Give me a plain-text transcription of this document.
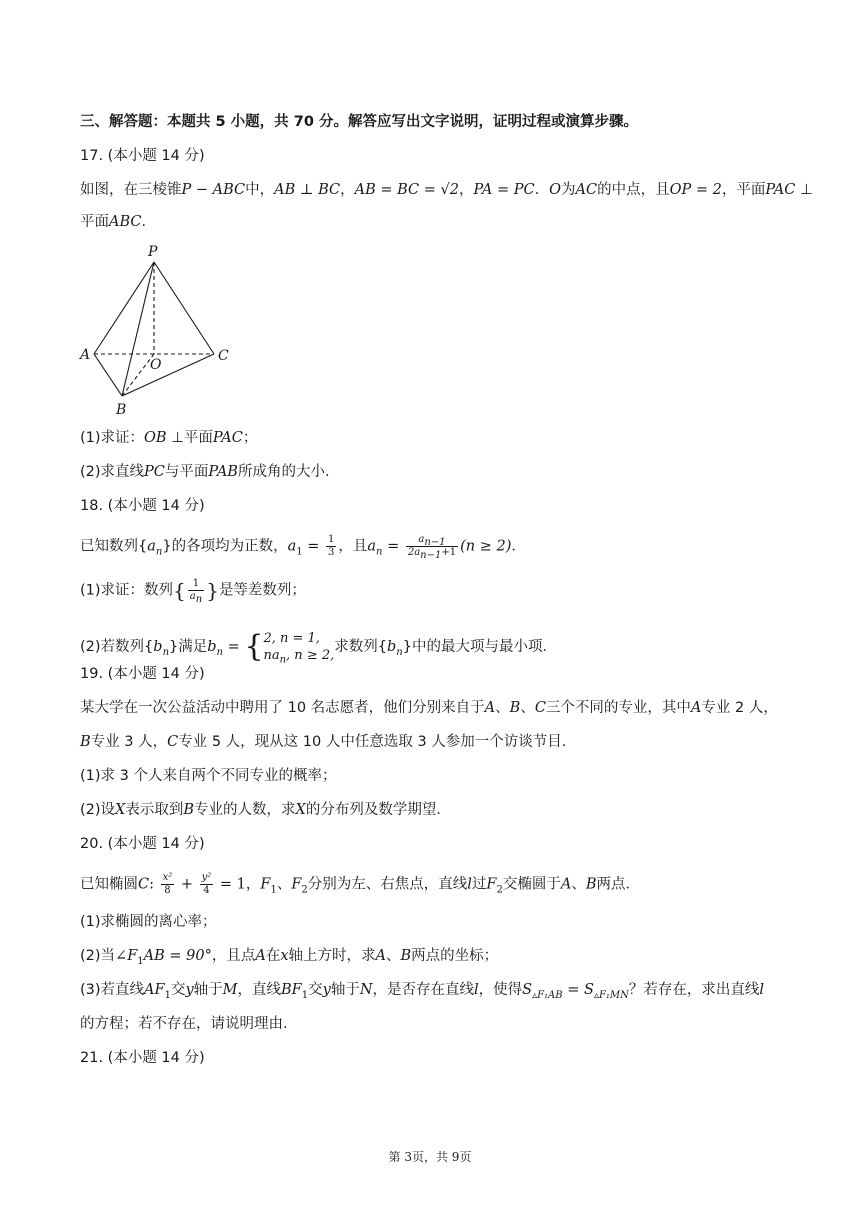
三、解答题：本题共 5 小题，共 70 分。解答应写出文字说明，证明过程或演算步骤。
17. (本小题 14 分)
如图，在三棱锥P − ABC中，AB ⊥ BC，AB = BC = √2，PA = PC．O为AC的中点，且OP = 2，平面PAC ⊥
平面ABC．
P
A	C
O
B
(1)求证：OB ⊥平面PAC；
(2)求直线PC与平面PAB所成角的大小．
18. (本小题 14 分)
已知数列$\{a_n\}$的各项均为正数，$a_1 = \frac{1}{3}$ ，且$a_n = \frac{a_{n-1}}{2a_{n-1}+1} (n \ge 2)$．
(1)求证：数列{ $\frac{1}{a_n}$ }是等差数列；
(2)若数列$\{b_n\}$满足$b_n$ = { 2, n = 1,
$na_n$, n ≥ 2,
求数列$\{b_n\}$中的最大项与最小项．
19. (本小题 14 分)
某大学在一次公益活动中聘用了 10 名志愿者，他们分别来自于A、B、C三个不同的专业，其中A专业 2 人，
B专业 3 人，C专业 5 人，现从这 10 人中任意选取 3 人参加一个访谈节目．
(1)求 3 个人来自两个不同专业的概率；
(2)设X表示取到B专业的人数，求X的分布列及数学期望．
20. (本小题 14 分)
已知椭圆C: $\frac{\text{x²}}{8} + \frac{\text{y²}}{4} = 1$，$F_1$、$F_2$分别为左、右焦点，直线l过$F_2$交椭圆于A、B两点．
(1)求椭圆的离心率；
(2)当$\angle F_1AB = 90^\circ$，且点A在x轴上方时，求A、B两点的坐标；
(3)若直线$AF_1$交y轴于M，直线$BF_1$交y轴于N，是否存在直线l，使得$S_{▵F_1AB} = S_{▵F_1MN}$？若存在，求出直线l
的方程；若不存在，请说明理由．
21. (本小题 14 分)
第 3页，共 9页
